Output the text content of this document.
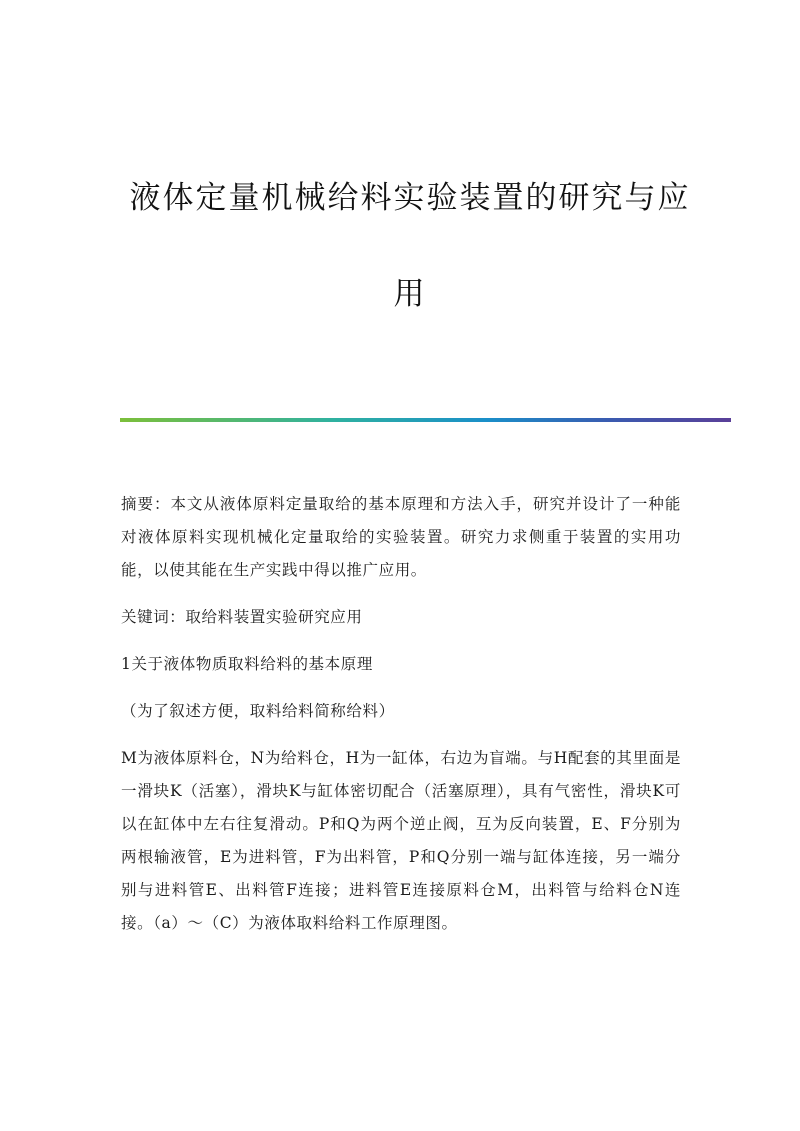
液体定量机械给料实验装置的研究与应
用

摘要：本文从液体原料定量取给的基本原理和方法入手，研究并设计了一种能对液体原料实现机械化定量取给的实验装置。研究力求侧重于装置的实用功能，以使其能在生产实践中得以推广应用。

关键词：取给料装置实验研究应用

1关于液体物质取料给料的基本原理

（为了叙述方便，取料给料简称给料）

M为液体原料仓，N为给料仓，H为一缸体，右边为盲端。与H配套的其里面是一滑块K（活塞），滑块K与缸体密切配合（活塞原理），具有气密性，滑块K可以在缸体中左右往复滑动。P和Q为两个逆止阀，互为反向装置，E、F分别为两根输液管，E为进料管，F为出料管，P和Q分别一端与缸体连接，另一端分别与进料管E、出料管F连接；进料管E连接原料仓M，出料管与给料仓N连接。（a）～（C）为液体取料给料工作原理图。
